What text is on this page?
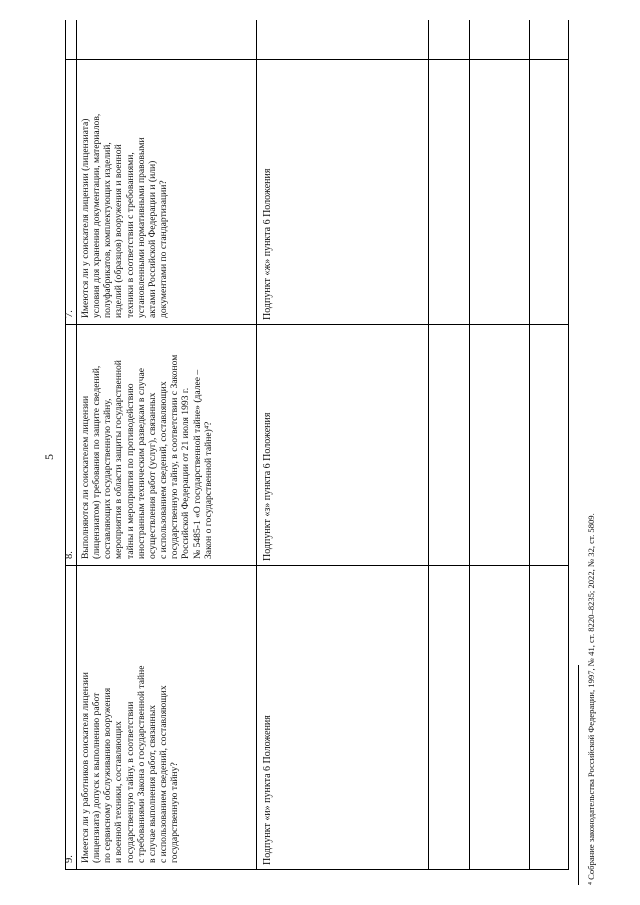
5
9. Имеется ли у работников соискателя лицензии
(лицензиата) допуск к выполнению работ
по сервисному обслуживанию вооружения
и военной техники, составляющих
государственную тайну, в соответствии
с требованиями Закона о государственной тайне
в случае выполнения работ, связанных
с использованием сведений, составляющих
государственную тайну?	Подпункт «и» пункта 6 Положения
8. Выполняются ли соискателем лицензии
(лицензиатом) требования по защите сведений,
составляющих государственную тайну,
мероприятия в области защиты государственной
тайны и мероприятия по противодействию
иностранным техническим разведкам в случае
осуществления работ (услуг), связанных
с использованием сведений, составляющих
государственную тайну, в соответствии с Законом
Российской Федерации от 21 июля 1993 г.
№ 5485-1 «О государственной тайне» (далее –
Закон о государственной тайне)⁴?	Подпункт «з» пункта 6 Положения
7. Имеются ли у соискателя лицензии (лицензиата)
условия для хранения документации, материалов,
полуфабрикатов, комплектующих изделий,
изделий (образцов) вооружения и военной
техники в соответствии с требованиями,
установленными нормативными правовыми
актами Российской Федерации и (или)
документами по стандартизации?	Подпункт «ж» пункта 6 Положения
⁴ Собрание законодательства Российской Федерации, 1997, № 41, ст. 8220–8235; 2022, № 32, ст. 5809.
